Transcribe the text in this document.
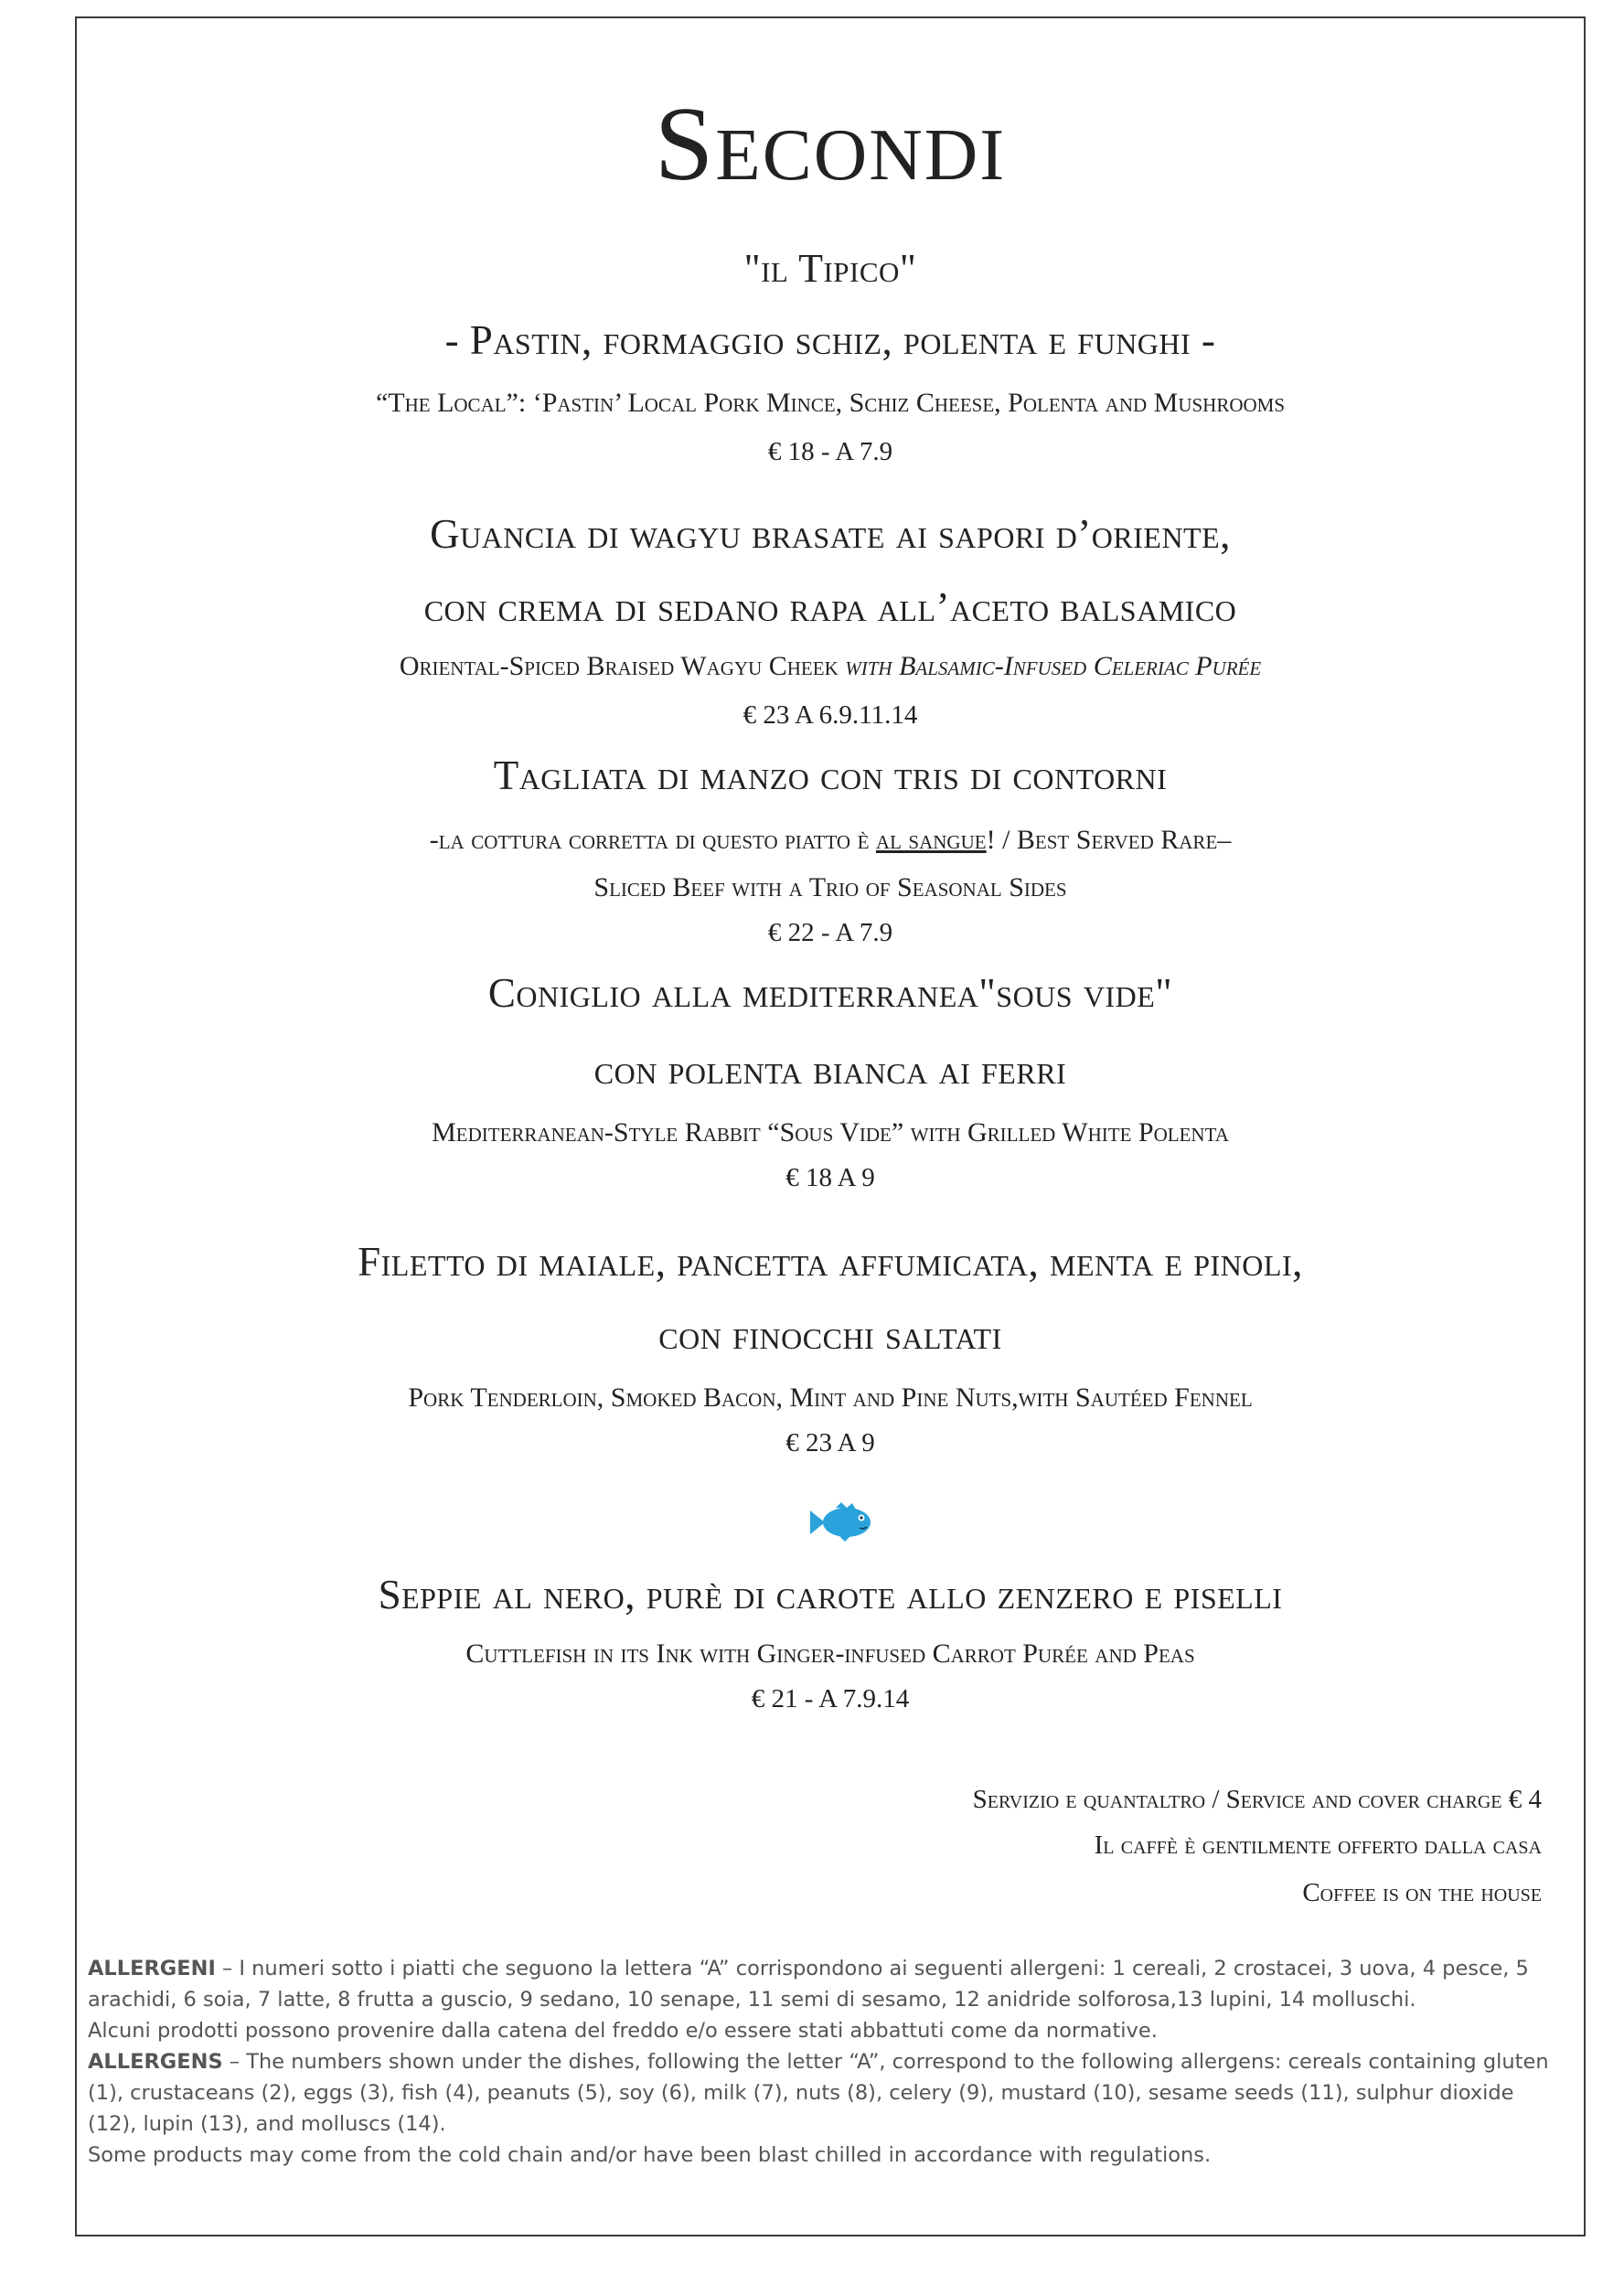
Secondi
"il Tipico"
- Pastin, formaggio schiz, polenta e funghi -
“The Local”: ‘Pastin’ Local Pork Mince, Schiz Cheese, Polenta and Mushrooms
€ 18 - A 7.9
Guancia di wagyu brasate ai sapori d’oriente,
con crema di sedano rapa all’aceto balsamico
Oriental-Spiced Braised Wagyu Cheek with Balsamic-Infused Celeriac Purée
€ 23 A 6.9.11.14
Tagliata di manzo con tris di contorni
-la cottura corretta di questo piatto è al sangue! / Best Served Rare–
Sliced Beef with a Trio of Seasonal Sides
€ 22 - A 7.9
Coniglio alla mediterranea"sous vide"
con polenta bianca ai ferri
Mediterranean-Style Rabbit “Sous Vide” with Grilled White Polenta
€ 18 A 9
Filetto di maiale, pancetta affumicata, menta e pinoli,
con finocchi saltati
Pork Tenderloin, Smoked Bacon, Mint and Pine Nuts,with Sautéed Fennel
€ 23 A 9
Seppie al nero, purè di carote allo zenzero e piselli
Cuttlefish in its Ink with Ginger-infused Carrot Purée and Peas
€ 21 - A 7.9.14
Servizio e quantaltro / Service and cover charge € 4
Il caffè è gentilmente offerto dalla casa
Coffee is on the house

ALLERGENI – I numeri sotto i piatti che seguono la lettera “A” corrispondono ai seguenti allergeni: 1 cereali, 2 crostacei, 3 uova, 4 pesce, 5 arachidi, 6 soia, 7 latte, 8 frutta a guscio, 9 sedano, 10 senape, 11 semi di sesamo, 12 anidride solforosa,13 lupini, 14 molluschi.

Alcuni prodotti possono provenire dalla catena del freddo e/o essere stati abbattuti come da normative.

ALLERGENS – The numbers shown under the dishes, following the letter “A”, correspond to the following allergens: cereals containing gluten (1), crustaceans (2), eggs (3), fish (4), peanuts (5), soy (6), milk (7), nuts (8), celery (9), mustard (10), sesame seeds (11), sulphur dioxide (12), lupin (13), and molluscs (14).

Some products may come from the cold chain and/or have been blast chilled in accordance with regulations.
